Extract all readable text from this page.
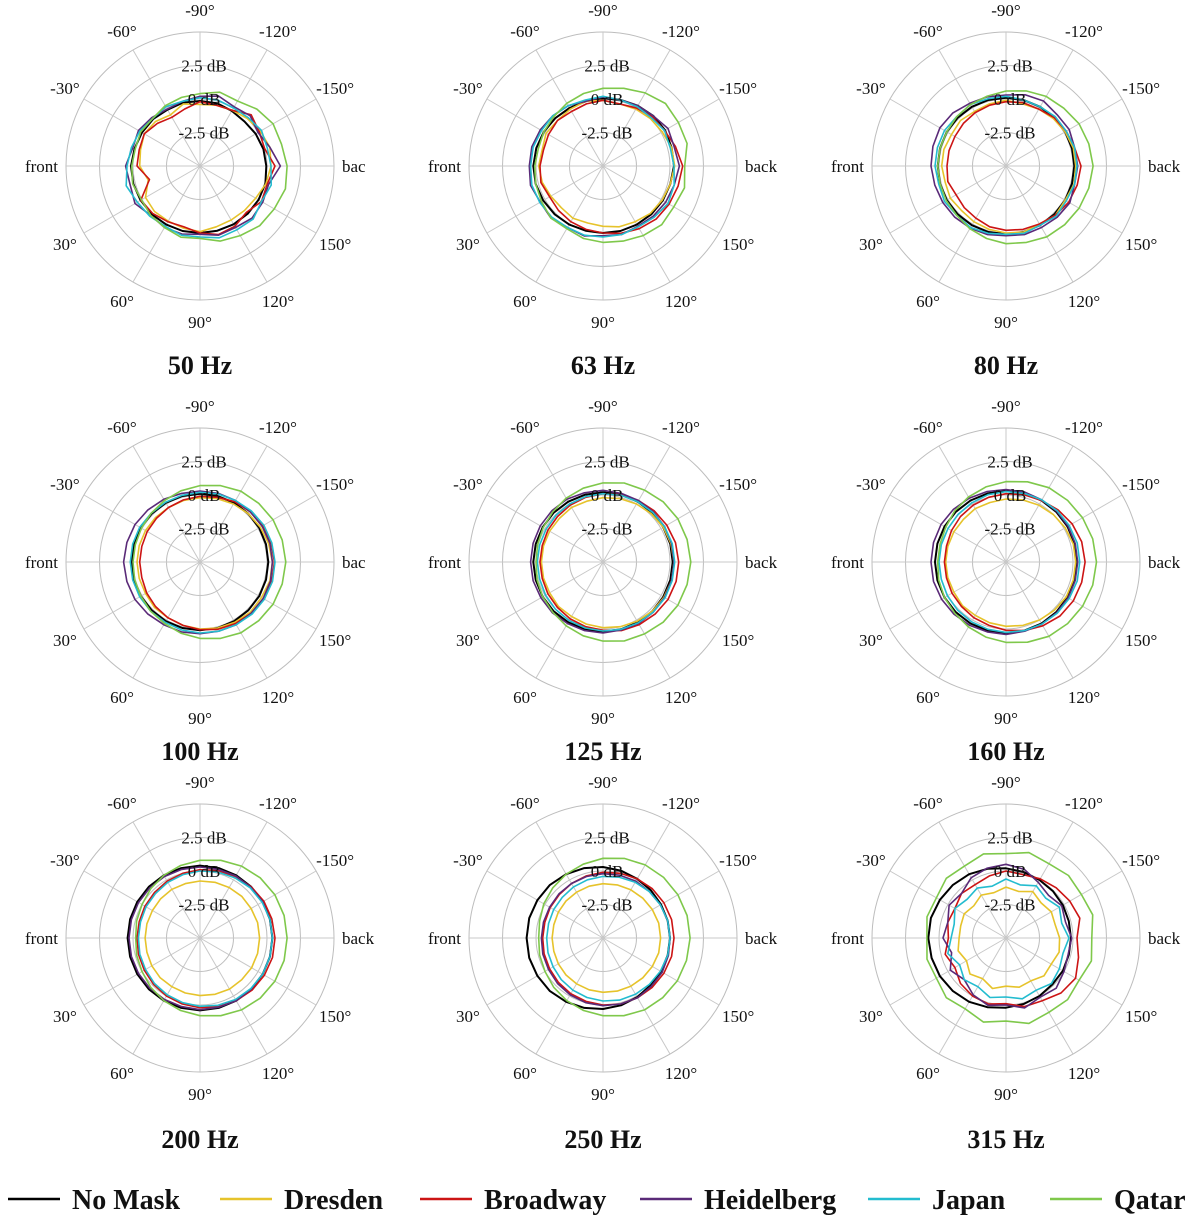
-2.5 dB
0 dB
2.5 dB
front
30°
60°
90°
120°
150°
bac
-150°
-120°
-90°
-60°
-30°
50 Hz
-2.5 dB
0 dB
2.5 dB
front
30°
60°
90°
120°
150°
back
-150°
-120°
-90°
-60°
-30°
63 Hz
-2.5 dB
0 dB
2.5 dB
front
30°
60°
90°
120°
150°
back
-150°
-120°
-90°
-60°
-30°
80 Hz
-2.5 dB
0 dB
2.5 dB
front
30°
60°
90°
120°
150°
bac
-150°
-120°
-90°
-60°
-30°
100 Hz
-2.5 dB
0 dB
2.5 dB
front
30°
60°
90°
120°
150°
back
-150°
-120°
-90°
-60°
-30°
125 Hz
-2.5 dB
0 dB
2.5 dB
front
30°
60°
90°
120°
150°
back
-150°
-120°
-90°
-60°
-30°
160 Hz
-2.5 dB
0 dB
2.5 dB
front
30°
60°
90°
120°
150°
back
-150°
-120°
-90°
-60°
-30°
200 Hz
-2.5 dB
0 dB
2.5 dB
front
30°
60°
90°
120°
150°
back
-150°
-120°
-90°
-60°
-30°
250 Hz
-2.5 dB
0 dB
2.5 dB
front
30°
60°
90°
120°
150°
back
-150°
-120°
-90°
-60°
-30°
315 Hz
No Mask	Dresden	Broadway	Heidelberg	Japan	Qatar
